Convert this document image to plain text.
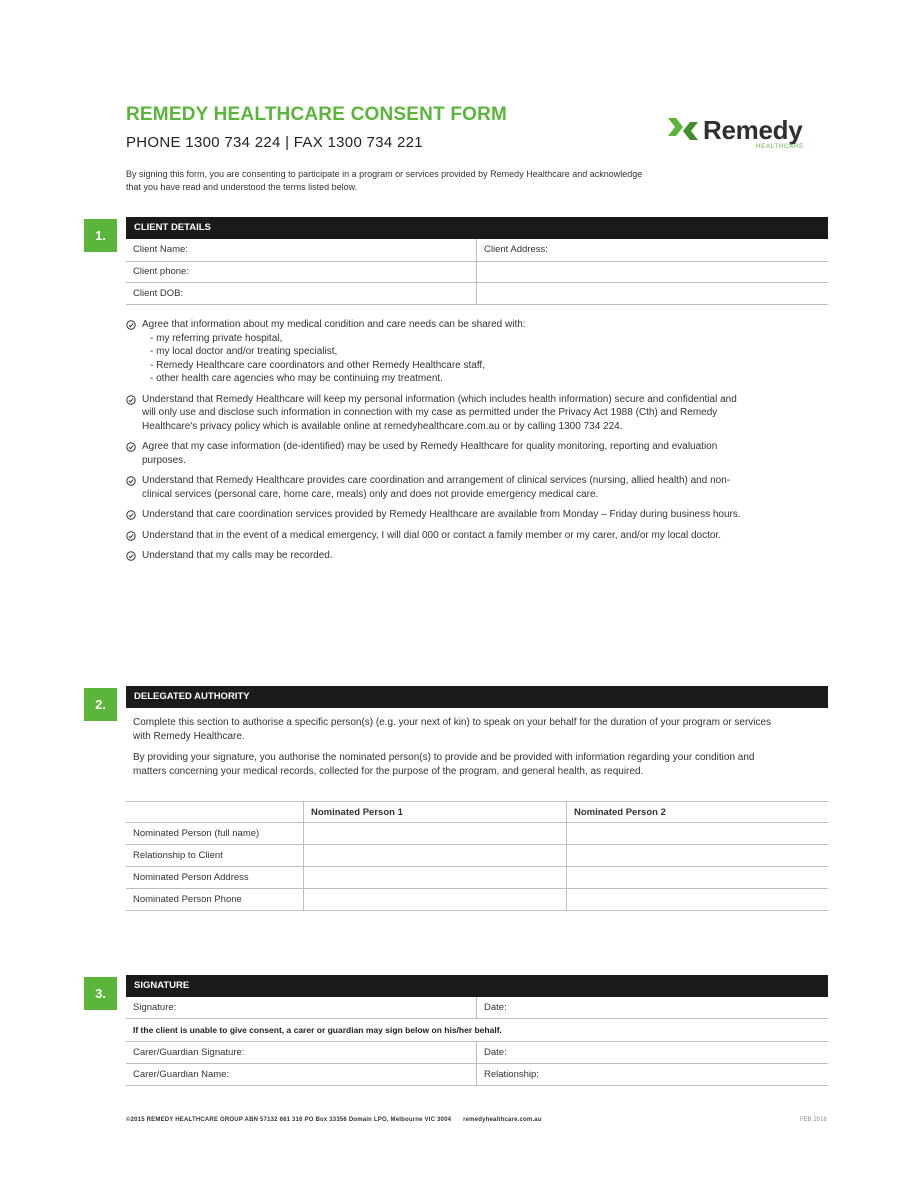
REMEDY HEALTHCARE CONSENT FORM
PHONE 1300 734 224 | FAX 1300 734 221	Remedy
HEALTHCARE
By signing this form, you are consenting to participate in a program or services provided by Remedy Healthcare and acknowledge that you have read and understood the terms listed below.
1.
CLIENT DETAILS
Client Name:	Client Address:
Client phone:	
Client DOB:	
Agree that information about my medical condition and care needs can be shared with:
- my referring private hospital,
- my local doctor and/or treating specialist,
- Remedy Healthcare care coordinators and other Remedy Healthcare staff,
- other health care agencies who may be continuing my treatment.
Understand that Remedy Healthcare will keep my personal information (which includes health information) secure and confidential and will only use and disclose such information in connection with my case as permitted under the Privacy Act 1988 (Cth) and Remedy Healthcare's privacy policy which is available online at remedyhealthcare.com.au or by calling 1300 734 224.
Agree that my case information (de-identified) may be used by Remedy Healthcare for quality monitoring, reporting and evaluation purposes.
Understand that Remedy Healthcare provides care coordination and arrangement of clinical services (nursing, allied health) and non-clinical services (personal care, home care, meals) only and does not provide emergency medical care.
Understand that care coordination services provided by Remedy Healthcare are available from Monday – Friday during business hours.
Understand that in the event of a medical emergency, I will dial 000 or contact a family member or my carer, and/or my local doctor.
Understand that my calls may be recorded.
2.
DELEGATED AUTHORITY
Complete this section to authorise a specific person(s) (e.g. your next of kin) to speak on your behalf for the duration of your program or services with Remedy Healthcare.
By providing your signature, you authorise the nominated person(s) to provide and be provided with information regarding your condition and matters concerning your medical records, collected for the purpose of the program, and general health, as required.
	Nominated Person 1	Nominated Person 2
Nominated Person (full name)		
Relationship to Client		
Nominated Person Address		
Nominated Person Phone		
3.
SIGNATURE
Signature:	Date:
If the client is unable to give consent, a carer or guardian may sign below on his/her behalf.
Carer/Guardian Signature:	Date:
Carer/Guardian Name:	Relationship:
©2015 REMEDY HEALTHCARE GROUP ABN 57132 661 316 PO Box 33356 Domain LPO, Melbourne VIC 3004 remedyhealthcare.com.au	FEB 2016
